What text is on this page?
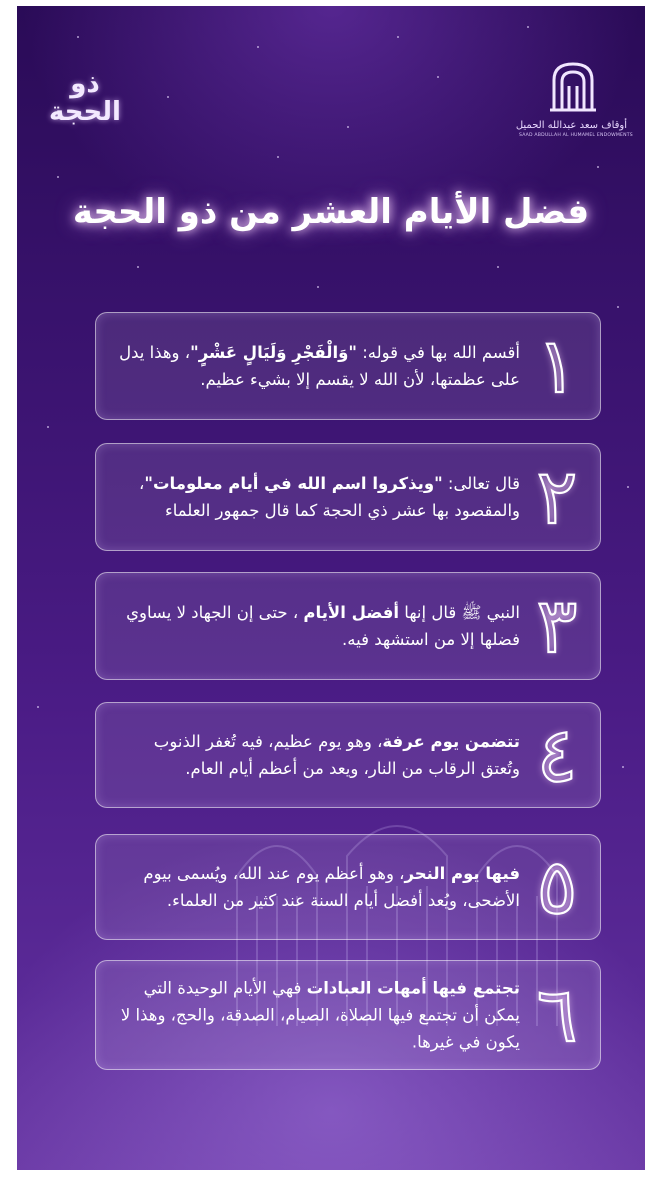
ذو الحجة	أوقاف سعد عبدالله الحميل
SAAD ABDULLAH AL HUMAMEL ENDOWMENTS
فضل الأيام العشر من ذو الحجة
١
أقسم الله بها في قوله: "وَالْفَجْرِ وَلَيَالٍ عَشْرٍ"، وهذا يدل على عظمتها، لأن الله لا يقسم إلا بشيء عظيم.
٢
قال تعالى: "ويذكروا اسم الله في أيام معلومات"، والمقصود بها عشر ذي الحجة كما قال جمهور العلماء
٣
النبي ﷺ قال إنها أفضل الأيام ، حتى إن الجهاد لا يساوي فضلها إلا من استشهد فيه.
٤
تتضمن يوم عرفة، وهو يوم عظيم، فيه تُغفر الذنوب وتُعتق الرقاب من النار، ويعد من أعظم أيام العام.
٥
فيها يوم النحر، وهو أعظم يوم عند الله، ويُسمى بيوم الأضحى، ويُعد أفضل أيام السنة عند كثير من العلماء.
٦
تجتمع فيها أمهات العبادات فهي الأيام الوحيدة التي يمكن أن تجتمع فيها الصلاة، الصيام، الصدقة، والحج، وهذا لا يكون في غيرها.
